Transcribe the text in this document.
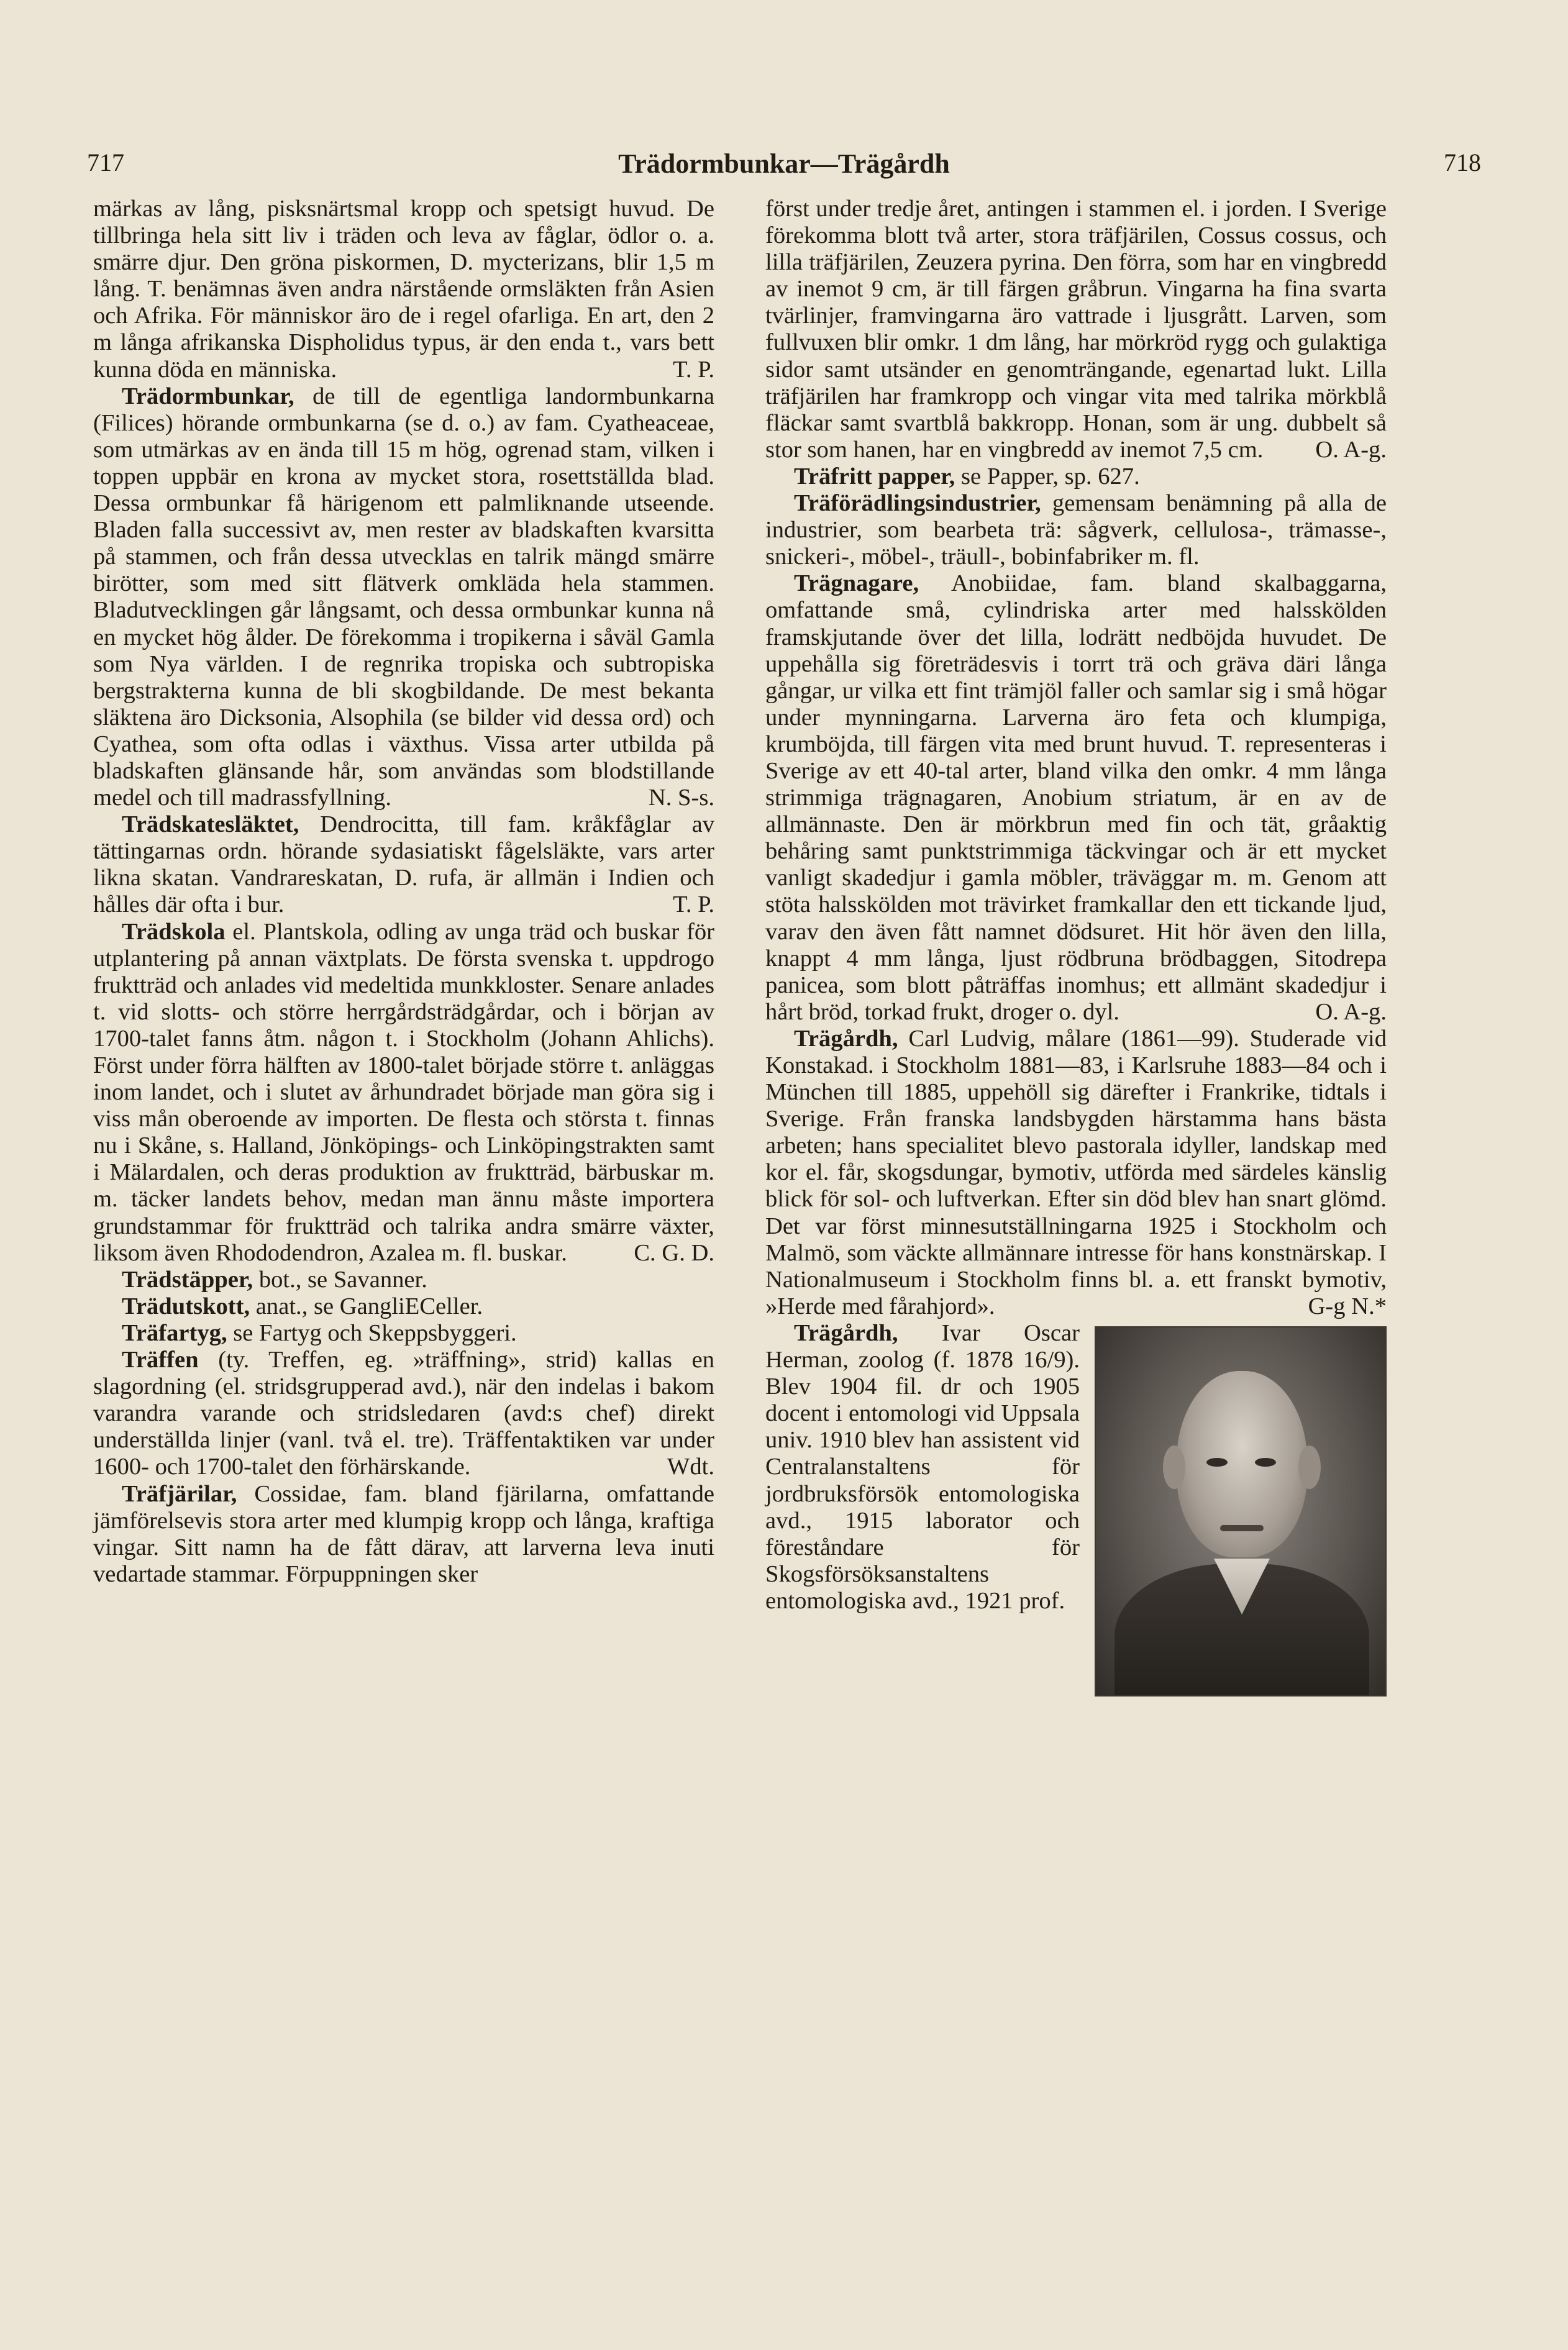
717	Trädormbunkar—Trägårdh	718

märkas av lång, pisksnärtsmal kropp och spetsigt huvud. De tillbringa hela sitt liv i träden och leva av fåglar, ödlor o. a. smärre djur. Den gröna piskormen, D. mycterizans, blir 1,5 m lång. T. benämnas även andra närstående ormsläkten från Asien och Afrika. För människor äro de i regel ofarliga. En art, den 2 m långa afrikanska Dispholidus typus, är den enda t., vars bett kunna döda en människa.	T. P.

Trädormbunkar, de till de egentliga landormbunkarna (Filices) hörande ormbunkarna (se d. o.) av fam. Cyatheaceae, som utmärkas av en ända till 15 m hög, ogrenad stam, vilken i toppen uppbär en krona av mycket stora, rosettställda blad. Dessa ormbunkar få härigenom ett palmliknande utseende. Bladen falla successivt av, men rester av bladskaften kvarsitta på stammen, och från dessa utvecklas en talrik mängd smärre birötter, som med sitt flätverk omkläda hela stammen. Bladutvecklingen går långsamt, och dessa ormbunkar kunna nå en mycket hög ålder. De förekomma i tropikerna i såväl Gamla som Nya världen. I de regnrika tropiska och subtropiska bergstrakterna kunna de bli skogbildande. De mest bekanta släktena äro Dicksonia, Alsophila (se bilder vid dessa ord) och Cyathea, som ofta odlas i växthus. Vissa arter utbilda på bladskaften glänsande hår, som användas som blodstillande medel och till madrassfyllning.	N. S-s.

Trädskatesläktet, Dendrocitta, till fam. kråkfåglar av tättingarnas ordn. hörande sydasiatiskt fågelsläkte, vars arter likna skatan. Vandrareskatan, D. rufa, är allmän i Indien och hålles där ofta i bur.	T. P.

Trädskola el. Plantskola, odling av unga träd och buskar för utplantering på annan växtplats. De första svenska t. uppdrogo fruktträd och anlades vid medeltida munkkloster. Senare anlades t. vid slotts- och större herrgårdsträdgårdar, och i början av 1700-talet fanns åtm. någon t. i Stockholm (Johann Ahlichs). Först under förra hälften av 1800-talet började större t. anläggas inom landet, och i slutet av århundradet började man göra sig i viss mån oberoende av importen. De flesta och största t. finnas nu i Skåne, s. Halland, Jönköpings- och Linköpingstrakten samt i Mälardalen, och deras produktion av fruktträd, bärbuskar m. m. täcker landets behov, medan man ännu måste importera grundstammar för fruktträd och talrika andra smärre växter, liksom även Rhododendron, Azalea m. fl. buskar.	C. G. D.

Trädstäpper, bot., se Savanner.

Trädutskott, anat., se GangliECeller.

Träfartyg, se Fartyg och Skeppsbyggeri.

Träffen (ty. Treffen, eg. »träffning», strid) kallas en slagordning (el. stridsgrupperad avd.), när den indelas i bakom varandra varande och stridsledaren (avd:s chef) direkt underställda linjer (vanl. två el. tre). Träffentaktiken var under 1600- och 1700-talet den förhärskande.	Wdt.

Träfjärilar, Cossidae, fam. bland fjärilarna, omfattande jämförelsevis stora arter med klumpig kropp och långa, kraftiga vingar. Sitt namn ha de fått därav, att larverna leva inuti vedartade stammar. Förpuppningen sker

först under tredje året, antingen i stammen el. i jorden. I Sverige förekomma blott två arter, stora träfjärilen, Cossus cossus, och lilla träfjärilen, Zeuzera pyrina. Den förra, som har en vingbredd av inemot 9 cm, är till färgen gråbrun. Vingarna ha fina svarta tvärlinjer, framvingarna äro vattrade i ljusgrått. Larven, som fullvuxen blir omkr. 1 dm lång, har mörkröd rygg och gulaktiga sidor samt utsänder en genomträngande, egenartad lukt. Lilla träfjärilen har framkropp och vingar vita med talrika mörkblå fläckar samt svartblå bakkropp. Honan, som är ung. dubbelt så stor som hanen, har en vingbredd av inemot 7,5 cm. O. A-g.

Träfritt papper, se Papper, sp. 627.

Träförädlingsindustrier, gemensam benämning på alla de industrier, som bearbeta trä: sågverk, cellulosa-, trämasse-, snickeri-, möbel-, träull-, bobinfabriker m. fl.

Trägnagare, Anobiidae, fam. bland skalbaggarna, omfattande små, cylindriska arter med halsskölden framskjutande över det lilla, lodrätt nedböjda huvudet. De uppehålla sig företrädesvis i torrt trä och gräva däri långa gångar, ur vilka ett fint trämjöl faller och samlar sig i små högar under mynningarna. Larverna äro feta och klumpiga, krumböjda, till färgen vita med brunt huvud. T. representeras i Sverige av ett 40-tal arter, bland vilka den omkr. 4 mm långa strimmiga trägnagaren, Anobium striatum, är en av de allmännaste. Den är mörkbrun med fin och tät, gråaktig behåring samt punktstrimmiga täckvingar och är ett mycket vanligt skadedjur i gamla möbler, träväggar m. m. Genom att stöta halsskölden mot trävirket framkallar den ett tickande ljud, varav den även fått namnet dödsuret. Hit hör även den lilla, knappt 4 mm långa, ljust rödbruna brödbaggen, Sitodrepa panicea, som blott påträffas inomhus; ett allmänt skadedjur i hårt bröd, torkad frukt, droger o. dyl.	O. A-g.

Trägårdh, Carl Ludvig, målare (1861—99). Studerade vid Konstakad. i Stockholm 1881—83, i Karlsruhe 1883—84 och i München till 1885, uppehöll sig därefter i Frankrike, tidtals i Sverige. Från franska landsbygden härstamma hans bästa arbeten; hans specialitet blevo pastorala idyller, landskap med kor el. får, skogsdungar, bymotiv, utförda med särdeles känslig blick för sol- och luftverkan. Efter sin död blev han snart glömd. Det var först minnesutställningarna 1925 i Stockholm och Malmö, som väckte allmännare intresse för hans konstnärskap. I Nationalmuseum i Stockholm finns bl. a. ett franskt bymotiv, »Herde med fårahjord».	G-g N.*

Trägårdh, Ivar Oscar Herman, zoolog (f. 1878 16/9). Blev 1904 fil. dr och 1905 docent i entomologi vid Uppsala univ. 1910 blev han assistent vid Centralanstaltens för jordbruksförsök entomologiska avd., 1915 laborator och föreståndare för Skogsförsöksanstaltens entomologiska avd., 1921 prof.
